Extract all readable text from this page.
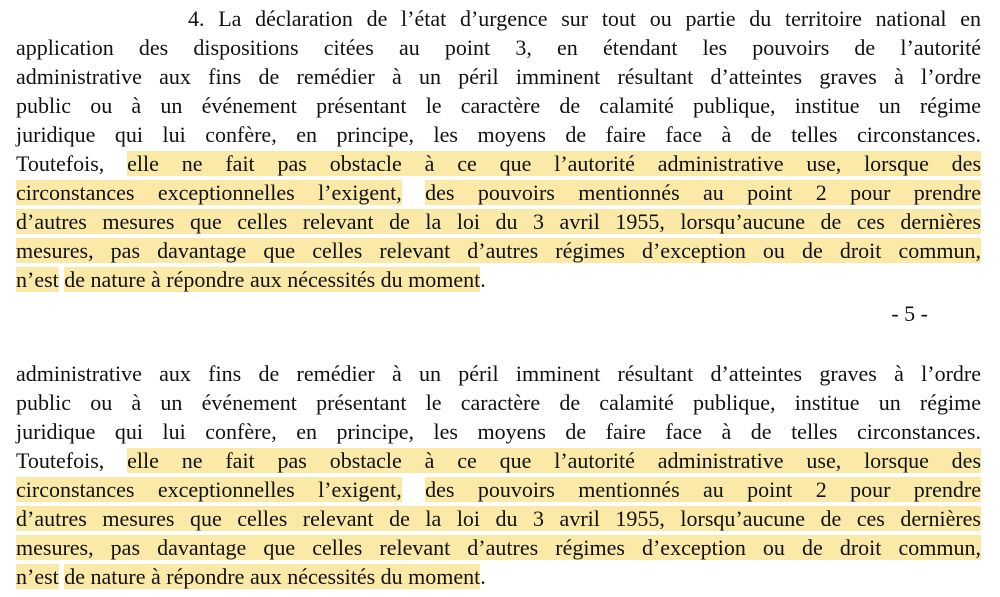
4. La déclaration de l’état d’urgence sur tout ou partie du territoire national en
application des dispositions citées au point 3, en étendant les pouvoirs de l’autorité
administrative aux fins de remédier à un péril imminent résultant d’atteintes graves à l’ordre
public ou à un événement présentant le caractère de calamité publique, institue un régime
juridique qui lui confère, en principe, les moyens de faire face à de telles circonstances.
Toutefois, elle ne fait pas obstacle à ce que l’autorité administrative use, lorsque des
circonstances exceptionnelles l’exigent, des pouvoirs mentionnés au point 2 pour prendre
d’autres mesures que celles relevant de la loi du 3 avril 1955, lorsqu’aucune de ces dernières
mesures, pas davantage que celles relevant d’autres régimes d’exception ou de droit commun,
n’est de nature à répondre aux nécessités du moment.
- 5 -
administrative aux fins de remédier à un péril imminent résultant d’atteintes graves à l’ordre
public ou à un événement présentant le caractère de calamité publique, institue un régime
juridique qui lui confère, en principe, les moyens de faire face à de telles circonstances.
Toutefois, elle ne fait pas obstacle à ce que l’autorité administrative use, lorsque des
circonstances exceptionnelles l’exigent, des pouvoirs mentionnés au point 2 pour prendre
d’autres mesures que celles relevant de la loi du 3 avril 1955, lorsqu’aucune de ces dernières
mesures, pas davantage que celles relevant d’autres régimes d’exception ou de droit commun,
n’est de nature à répondre aux nécessités du moment.
